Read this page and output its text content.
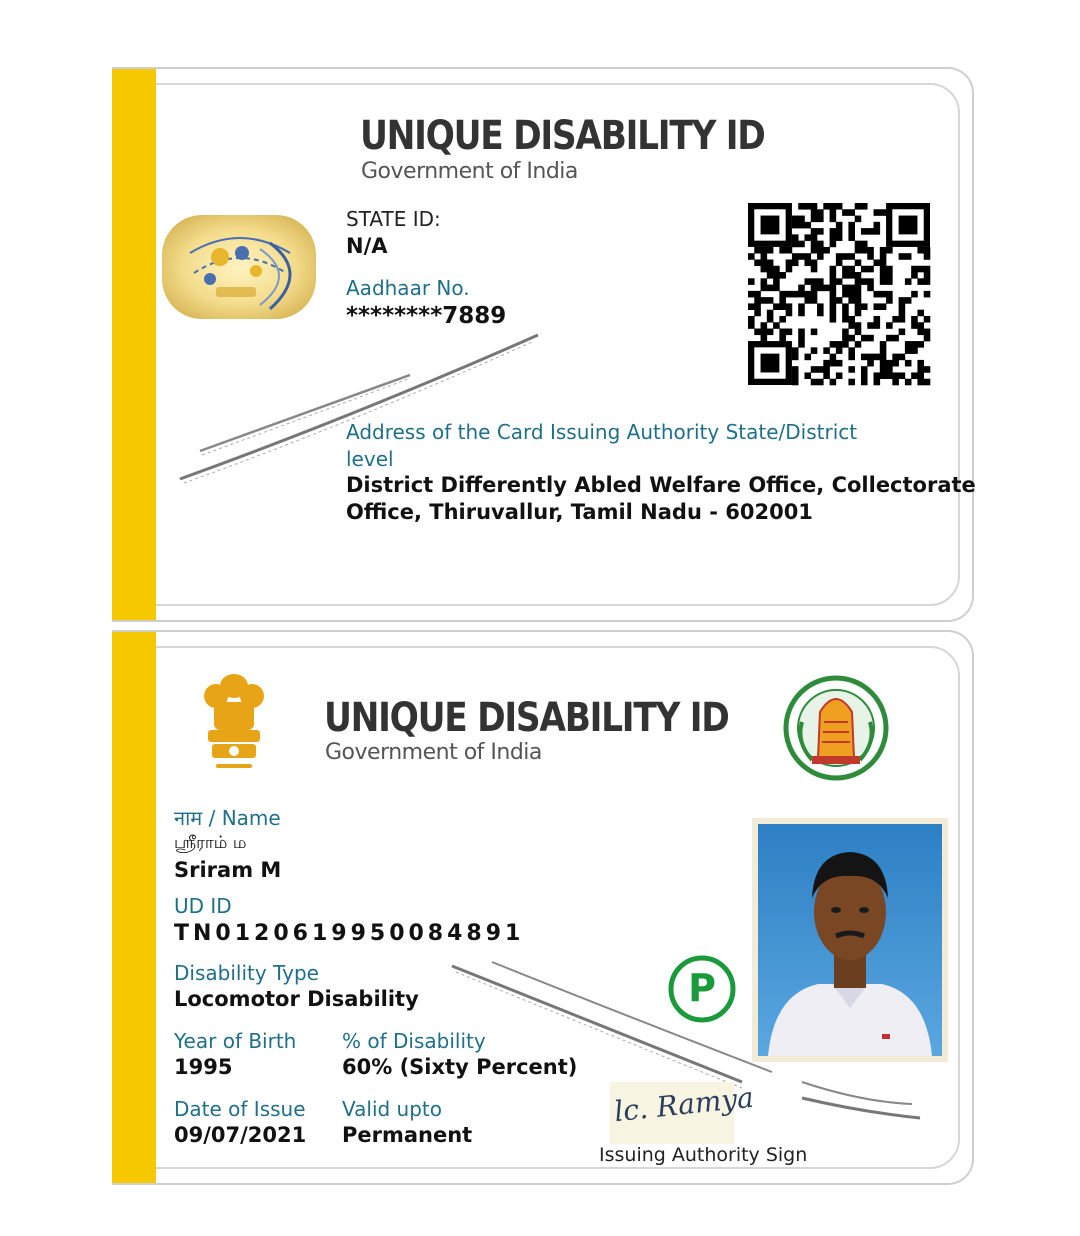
UNIQUE DISABILITY ID
Government of India
STATE ID:
N/A
Aadhaar No.
********7889
Address of the Card Issuing Authority State/District
level
District Differently Abled Welfare Office, Collectorate
Office, Thiruvallur, Tamil Nadu - 602001
UNIQUE DISABILITY ID
Government of India
नाम / Name
ஸ்ரீராம் ம
Sriram M
UD ID
TN0120619950084891
Disability Type
Locomotor Disability
Year of Birth
1995
% of Disability
60% (Sixty Percent)
Date of Issue
09/07/2021
Valid upto
Permanent
P
lc. Ramya
Issuing Authority Sign
